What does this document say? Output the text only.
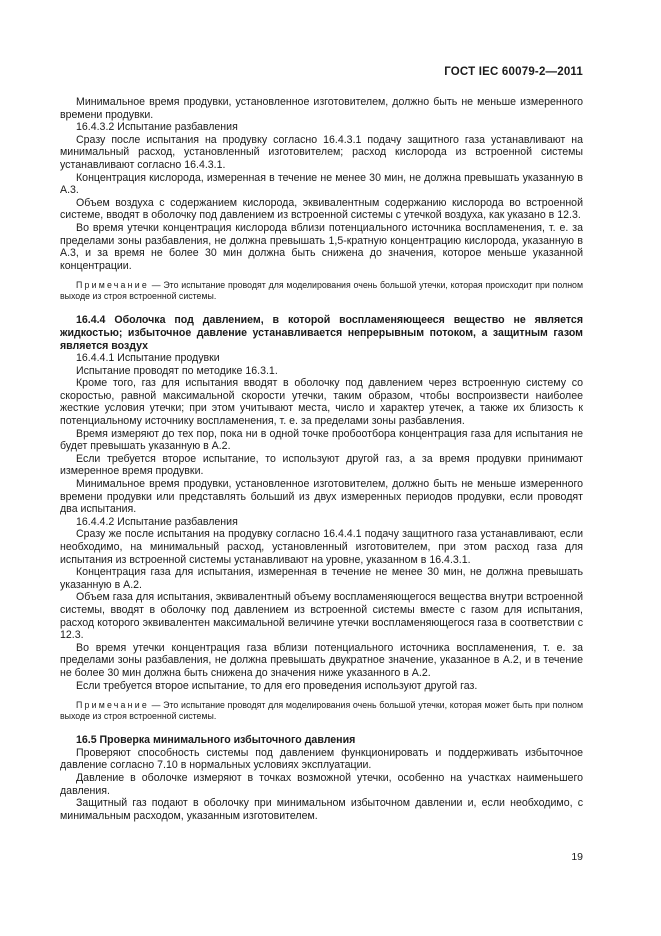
ГОСТ IEC 60079-2—2011

Минимальное время продувки, установленное изготовителем, должно быть не меньше измеренного времени продувки.

16.4.3.2 Испытание разбавления

Сразу после испытания на продувку согласно 16.4.3.1 подачу защитного газа устанавливают на минимальный расход, установленный изготовителем; расход кислорода из встроенной системы устанавливают согласно 16.4.3.1.

Концентрация кислорода, измеренная в течение не менее 30 мин, не должна превышать указанную в А.3.

Объем воздуха с содержанием кислорода, эквивалентным содержанию кислорода во встроенной системе, вводят в оболочку под давлением из встроенной системы с утечкой воздуха, как указано в 12.3.

Во время утечки концентрация кислорода вблизи потенциального источника воспламенения, т. е. за пределами зоны разбавления, не должна превышать 1,5-кратную концентрацию кислорода, указанную в А.3, и за время не более 30 мин должна быть снижена до значения, которое меньше указанной концентрации.

Примечание — Это испытание проводят для моделирования очень большой утечки, которая происходит при полном выходе из строя встроенной системы.

16.4.4 Оболочка под давлением, в которой воспламеняющееся вещество не является жидкостью; избыточное давление устанавливается непрерывным потоком, а защитным газом является воздух

16.4.4.1 Испытание продувки

Испытание проводят по методике 16.3.1.

Кроме того, газ для испытания вводят в оболочку под давлением через встроенную систему со скоростью, равной максимальной скорости утечки, таким образом, чтобы воспроизвести наиболее жесткие условия утечки; при этом учитывают места, число и характер утечек, а также их близость к потенциальному источнику воспламенения, т. е. за пределами зоны разбавления.

Время измеряют до тех пор, пока ни в одной точке пробоотбора концентрация газа для испытания не будет превышать указанную в А.2.

Если требуется второе испытание, то используют другой газ, а за время продувки принимают измеренное время продувки.

Минимальное время продувки, установленное изготовителем, должно быть не меньше измеренного времени продувки или представлять больший из двух измеренных периодов продувки, если проводят два испытания.

16.4.4.2 Испытание разбавления

Сразу же после испытания на продувку согласно 16.4.4.1 подачу защитного газа устанавливают, если необходимо, на минимальный расход, установленный изготовителем, при этом расход газа для испытания из встроенной системы устанавливают на уровне, указанном в 16.4.3.1.

Концентрация газа для испытания, измеренная в течение не менее 30 мин, не должна превышать указанную в А.2.

Объем газа для испытания, эквивалентный объему воспламеняющегося вещества внутри встроенной системы, вводят в оболочку под давлением из встроенной системы вместе с газом для испытания, расход которого эквивалентен максимальной величине утечки воспламеняющегося газа в соответствии с 12.3.

Во время утечки концентрация газа вблизи потенциального источника воспламенения, т. е. за пределами зоны разбавления, не должна превышать двукратное значение, указанное в А.2, и в течение не более 30 мин должна быть снижена до значения ниже указанного в А.2.

Если требуется второе испытание, то для его проведения используют другой газ.

Примечание — Это испытание проводят для моделирования очень большой утечки, которая может быть при полном выходе из строя встроенной системы.

16.5 Проверка минимального избыточного давления

Проверяют способность системы под давлением функционировать и поддерживать избыточное давление согласно 7.10 в нормальных условиях эксплуатации.

Давление в оболочке измеряют в точках возможной утечки, особенно на участках наименьшего давления.

Защитный газ подают в оболочку при минимальном избыточном давлении и, если необходимо, с минимальным расходом, указанным изготовителем.

19
